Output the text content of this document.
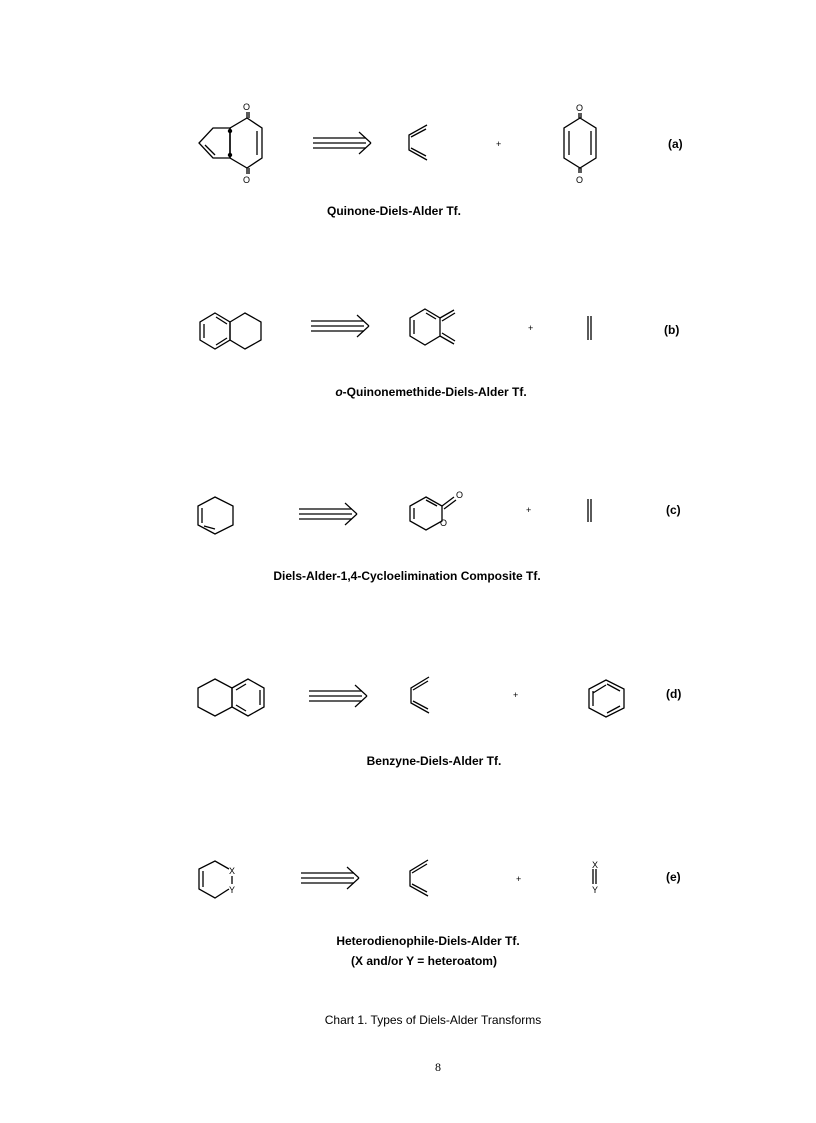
O
O
+
O
O
+
O
O
+
+
X
Y
+
X
Y
(a)
(b)
(c)
(d)
(e)
Quinone-Diels-Alder Tf.
o-Quinonemethide-Diels-Alder Tf.
Diels-Alder-1,4-Cycloelimination Composite Tf.
Benzyne-Diels-Alder Tf.
Heterodienophile-Diels-Alder Tf.
(X and/or Y = heteroatom)
Chart 1. Types of Diels-Alder Transforms
8
